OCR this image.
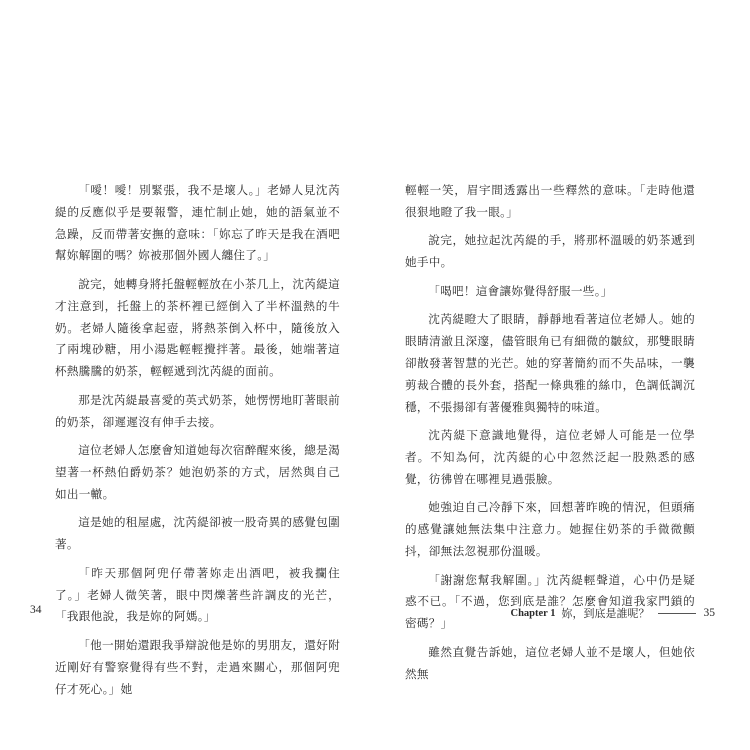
「噯！噯！別緊張，我不是壞人。」老婦人見沈芮緹的反應似乎是要報警，連忙制止她，她的語氣並不急躁，反而帶著安撫的意味：「妳忘了昨天是我在酒吧幫妳解圍的嗎？妳被那個外國人纏住了。」

說完，她轉身將托盤輕輕放在小茶几上，沈芮緹這才注意到，托盤上的茶杯裡已經倒入了半杯溫熱的牛奶。老婦人隨後拿起壺，將熱茶倒入杯中，隨後放入了兩塊砂糖，用小湯匙輕輕攪拌著。最後，她端著這杯熱騰騰的奶茶，輕輕遞到沈芮緹的面前。

那是沈芮緹最喜愛的英式奶茶，她愣愣地盯著眼前的奶茶，卻遲遲沒有伸手去接。

這位老婦人怎麼會知道她每次宿醉醒來後，總是渴望著一杯熱伯爵奶茶？她泡奶茶的方式，居然與自己如出一轍。

這是她的租屋處，沈芮緹卻被一股奇異的感覺包圍著。

「昨天那個阿兜仔帶著妳走出酒吧，被我攔住了。」老婦人微笑著，眼中閃爍著些許調皮的光芒，「我跟他說，我是妳的阿媽。」

「他一開始還跟我爭辯說他是妳的男朋友，還好附近剛好有警察覺得有些不對，走過來關心，那個阿兜仔才死心。」她

34

輕輕一笑，眉宇間透露出一些釋然的意味。「走時他還很狠地瞪了我一眼。」

說完，她拉起沈芮緹的手，將那杯溫暖的奶茶遞到她手中。

「喝吧！這會讓妳覺得舒服一些。」

沈芮緹瞪大了眼睛，靜靜地看著這位老婦人。她的眼睛清澈且深邃，儘管眼角已有細微的皺紋，那雙眼睛卻散發著智慧的光芒。她的穿著簡約而不失品味，一襲剪裁合體的長外套，搭配一條典雅的絲巾，色調低調沉穩，不張揚卻有著優雅與獨特的味道。

沈芮緹下意識地覺得，這位老婦人可能是一位學者。不知為何，沈芮緹的心中忽然泛起一股熟悉的感覺，彷彿曾在哪裡見過張臉。

她強迫自己冷靜下來，回想著昨晚的情況，但頭痛的感覺讓她無法集中注意力。她握住奶茶的手微微顫抖，卻無法忽視那份溫暖。

「謝謝您幫我解圍。」沈芮緹輕聲道，心中仍是疑惑不已。「不過，您到底是誰？怎麼會知道我家門鎖的密碼？」

雖然直覺告訴她，這位老婦人並不是壞人，但她依然無

Chapter 1 妳，到底是誰呢？	35
